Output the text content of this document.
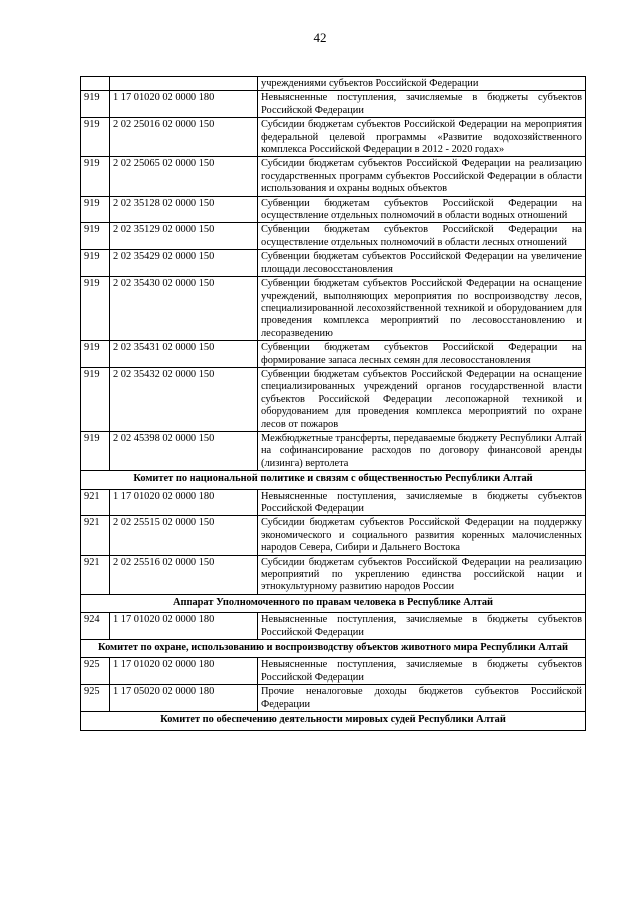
42
		учреждениями субъектов Российской Федерации
919	1 17 01020 02 0000 180	Невыясненные поступления, зачисляемые в бюджеты субъектов Российской Федерации
919	2 02 25016 02 0000 150	Субсидии бюджетам субъектов Российской Федерации на мероприятия федеральной целевой программы «Развитие водохозяйственного комплекса Российской Федерации в 2012 - 2020 годах»
919	2 02 25065 02 0000 150	Субсидии бюджетам субъектов Российской Федерации на реализацию государственных программ субъектов Российской Федерации в области использования и охраны водных объектов
919	2 02 35128 02 0000 150	Субвенции бюджетам субъектов Российской Федерации на осуществление отдельных полномочий в области водных отношений
919	2 02 35129 02 0000 150	Субвенции бюджетам субъектов Российской Федерации на осуществление отдельных полномочий в области лесных отношений
919	2 02 35429 02 0000 150	Субвенции бюджетам субъектов Российской Федерации на увеличение площади лесовосстановления
919	2 02 35430 02 0000 150	Субвенции бюджетам субъектов Российской Федерации на оснащение учреждений, выполняющих мероприятия по воспроизводству лесов, специализированной лесохозяйственной техникой и оборудованием для проведения комплекса мероприятий по лесовосстановлению и лесоразведению
919	2 02 35431 02 0000 150	Субвенции бюджетам субъектов Российской Федерации на формирование запаса лесных семян для лесовосстановления
919	2 02 35432 02 0000 150	Субвенции бюджетам субъектов Российской Федерации на оснащение специализированных учреждений органов государственной власти субъектов Российской Федерации лесопожарной техникой и оборудованием для проведения комплекса мероприятий по охране лесов от пожаров
919	2 02 45398 02 0000 150	Межбюджетные трансферты, передаваемые бюджету Республики Алтай на софинансирование расходов по договору финансовой аренды (лизинга) вертолета
Комитет по национальной политике и связям с общественностью Республики Алтай		
921	1 17 01020 02 0000 180	Невыясненные поступления, зачисляемые в бюджеты субъектов Российской Федерации
921	2 02 25515 02 0000 150	Субсидии бюджетам субъектов Российской Федерации на поддержку экономического и социального развития коренных малочисленных народов Севера, Сибири и Дальнего Востока
921	2 02 25516 02 0000 150	Субсидии бюджетам субъектов Российской Федерации на реализацию мероприятий по укреплению единства российской нации и этнокультурному развитию народов России
Аппарат Уполномоченного по правам человека в Республике Алтай		
924	1 17 01020 02 0000 180	Невыясненные поступления, зачисляемые в бюджеты субъектов Российской Федерации
Комитет по охране, использованию и воспроизводству объектов животного мира Республики Алтай		
925	1 17 01020 02 0000 180	Невыясненные поступления, зачисляемые в бюджеты субъектов Российской Федерации
925	1 17 05020 02 0000 180	Прочие неналоговые доходы бюджетов субъектов Российской Федерации
Комитет по обеспечению деятельности мировых судей Республики Алтай		
